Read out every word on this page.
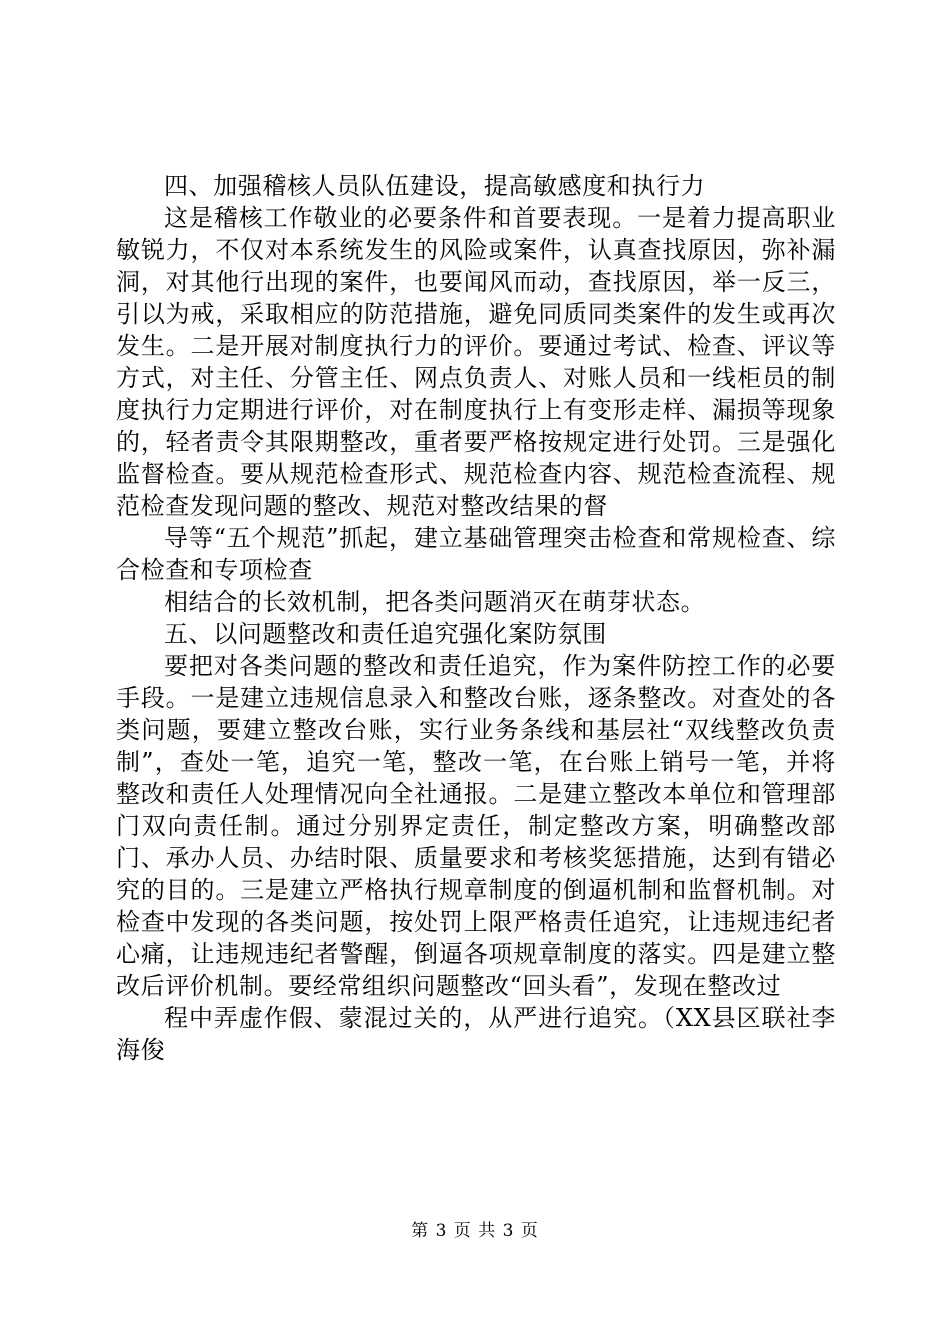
四、加强稽核人员队伍建设，提高敏感度和执行力

这是稽核工作敬业的必要条件和首要表现。一是着力提高职业敏锐力，不仅对本系统发生的风险或案件，认真查找原因，弥补漏洞，对其他行出现的案件，也要闻风而动，查找原因，举一反三，引以为戒，采取相应的防范措施，避免同质同类案件的发生或再次发生。二是开展对制度执行力的评价。要通过考试、检查、评议等方式，对主任、分管主任、网点负责人、对账人员和一线柜员的制度执行力定期进行评价，对在制度执行上有变形走样、漏损等现象的，轻者责令其限期整改，重者要严格按规定进行处罚。三是强化监督检查。要从规范检查形式、规范检查内容、规范检查流程、规范检查发现问题的整改、规范对整改结果的督

导等“五个规范”抓起，建立基础管理突击检查和常规检查、综合检查和专项检查

相结合的长效机制，把各类问题消灭在萌芽状态。

五、以问题整改和责任追究强化案防氛围

要把对各类问题的整改和责任追究，作为案件防控工作的必要手段。一是建立违规信息录入和整改台账，逐条整改。对查处的各类问题，要建立整改台账，实行业务条线和基层社“双线整改负责制”，查处一笔，追究一笔，整改一笔，在台账上销号一笔，并将整改和责任人处理情况向全社通报。二是建立整改本单位和管理部门双向责任制。通过分别界定责任，制定整改方案，明确整改部门、承办人员、办结时限、质量要求和考核奖惩措施，达到有错必究的目的。三是建立严格执行规章制度的倒逼机制和监督机制。对检查中发现的各类问题，按处罚上限严格责任追究，让违规违纪者心痛，让违规违纪者警醒，倒逼各项规章制度的落实。四是建立整改后评价机制。要经常组织问题整改“回头看”，发现在整改过

程中弄虚作假、蒙混过关的，从严进行追究。（XX县区联社李海俊

第 3 页 共 3 页
